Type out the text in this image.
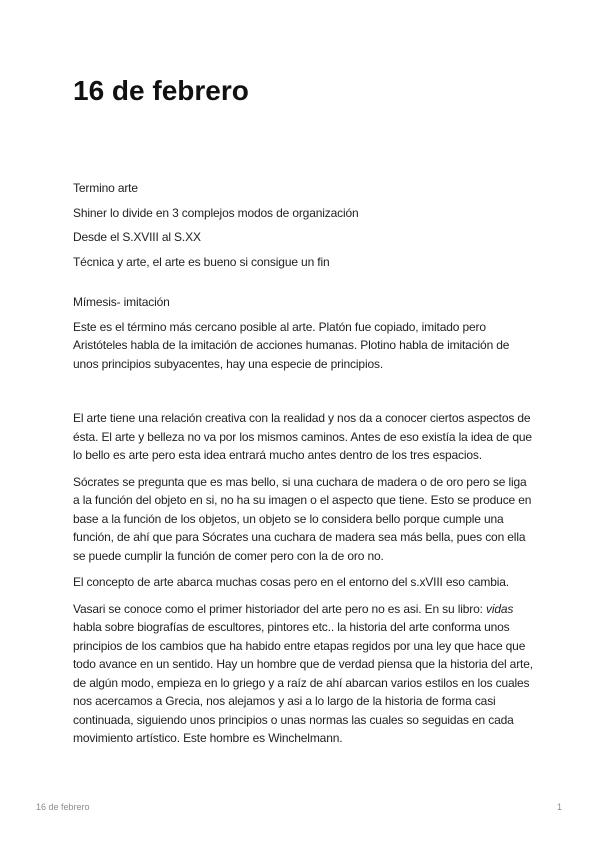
16 de febrero

Termino arte

Shiner lo divide en 3 complejos modos de organización

Desde el S.XVIII al S.XX

Técnica y arte, el arte es bueno si consigue un fin

Mímesis- imitación

Este es el término más cercano posible al arte. Platón fue copiado, imitado pero Aristóteles habla de la imitación de acciones humanas. Plotino habla de imitación de unos principios subyacentes, hay una especie de principios.

El arte tiene una relación creativa con la realidad y nos da a conocer ciertos aspectos de ésta. El arte y belleza no va por los mismos caminos. Antes de eso existía la idea de que lo bello es arte pero esta idea entrará mucho antes dentro de los tres espacios.

Sócrates se pregunta que es mas bello, si una cuchara de madera o de oro pero se liga a la función del objeto en si, no ha su imagen o el aspecto que tiene. Esto se produce en base a la función de los objetos, un objeto se lo considera bello porque cumple una función, de ahí que para Sócrates una cuchara de madera sea más bella, pues con ella se puede cumplir la función de comer pero con la de oro no.

El concepto de arte abarca muchas cosas pero en el entorno del s.xVIII eso cambia.

Vasari se conoce como el primer historiador del arte pero no es asi. En su libro: vidas habla sobre biografías de escultores, pintores etc.. la historia del arte conforma unos principios de los cambios que ha habido entre etapas regidos por una ley que hace que todo avance en un sentido. Hay un hombre que de verdad piensa que la historia del arte, de algún modo, empieza en lo griego y a raíz de ahí abarcan varios estilos en los cuales nos acercamos a Grecia, nos alejamos y asi a lo largo de la historia de forma casi continuada, siguiendo unos principios o unas normas las cuales so seguidas en cada movimiento artístico. Este hombre es Winchelmann.

16 de febrero	1
